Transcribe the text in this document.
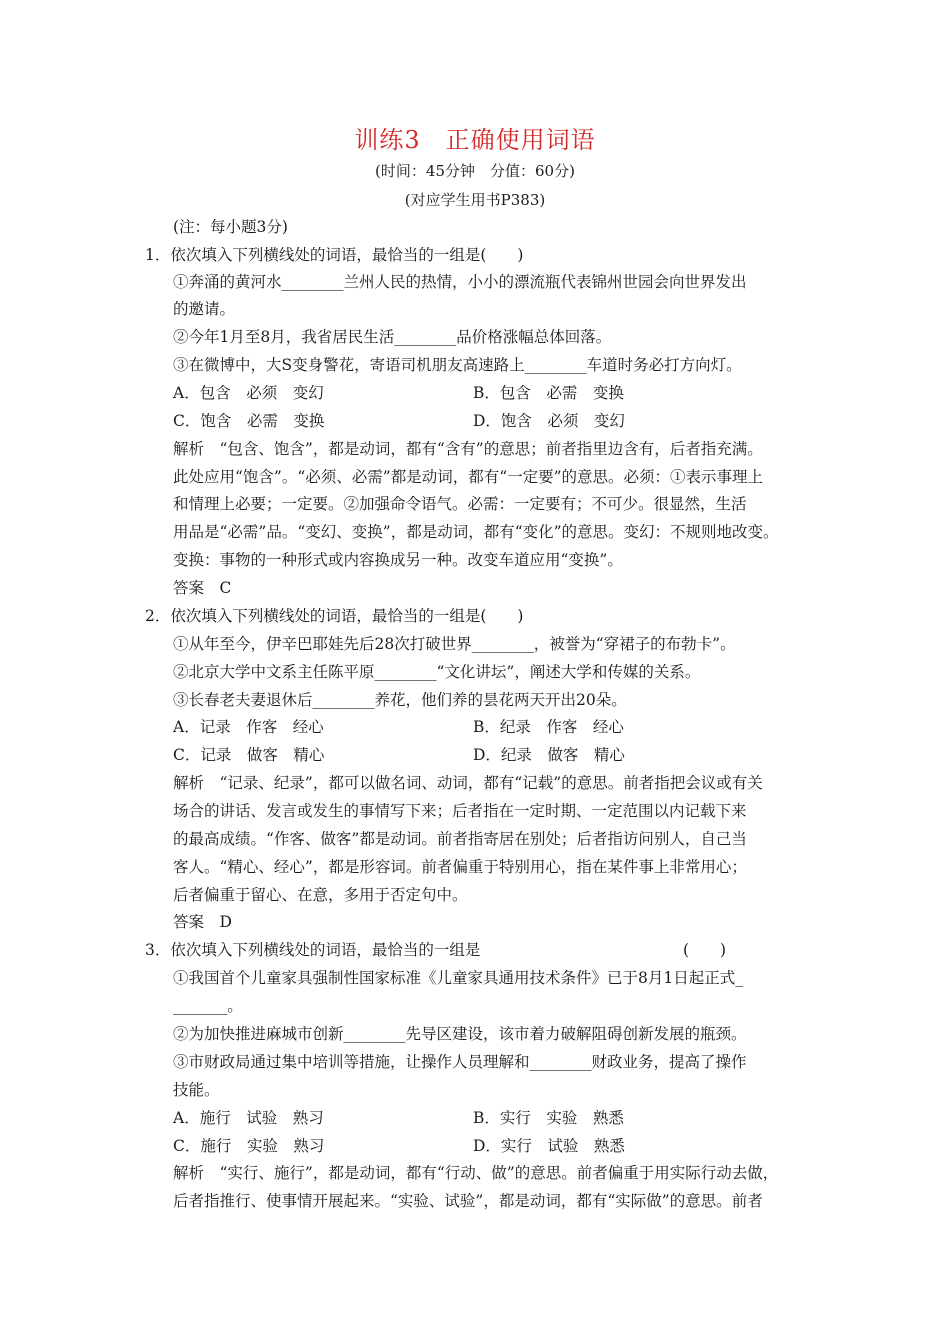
训练3　正确使用词语
(时间：45分钟　分值：60分)
(对应学生用书P383)
(注：每小题3分)
1．依次填入下列横线处的词语，最恰当的一组是(　　)
①奔涌的黄河水________兰州人民的热情，小小的漂流瓶代表锦州世园会向世界发出
的邀请。
②今年1月至8月，我省居民生活________品价格涨幅总体回落。
③在微博中，大S变身警花，寄语司机朋友高速路上________车道时务必打方向灯。
A．包含　必须　变幻	B．包含　必需　变换
C．饱含　必需　变换	D．饱含　必须　变幻
解析　“包含、饱含”，都是动词，都有“含有”的意思；前者指里边含有，后者指充满。
此处应用“饱含”。“必须、必需”都是动词，都有“一定要”的意思。必须：①表示事理上
和情理上必要；一定要。②加强命令语气。必需：一定要有；不可少。很显然，生活
用品是“必需”品。“变幻、变换”，都是动词，都有“变化”的意思。变幻：不规则地改变。
变换：事物的一种形式或内容换成另一种。改变车道应用“变换”。
答案　C
2．依次填入下列横线处的词语，最恰当的一组是(　　)
①从年至今，伊辛巴耶娃先后28次打破世界________，被誉为“穿裙子的布勃卡”。
②北京大学中文系主任陈平原________“文化讲坛”，阐述大学和传媒的关系。
③长春老夫妻退休后________养花，他们养的昙花两天开出20朵。
A．记录　作客　经心	B．纪录　作客　经心
C．记录　做客　精心	D．纪录　做客　精心
解析　“记录、纪录”，都可以做名词、动词，都有“记载”的意思。前者指把会议或有关
场合的讲话、发言或发生的事情写下来；后者指在一定时期、一定范围以内记载下来
的最高成绩。“作客、做客”都是动词。前者指寄居在别处；后者指访问别人，自己当
客人。“精心、经心”，都是形容词。前者偏重于特别用心，指在某件事上非常用心；
后者偏重于留心、在意，多用于否定句中。
答案　D
3．依次填入下列横线处的词语，最恰当的一组是	(　　)
①我国首个儿童家具强制性国家标准《儿童家具通用技术条件》已于8月1日起正式_
_______。
②为加快推进麻城市创新________先导区建设，该市着力破解阻碍创新发展的瓶颈。
③市财政局通过集中培训等措施，让操作人员理解和________财政业务，提高了操作
技能。
A．施行　试验　熟习	B．实行　实验　熟悉
C．施行　实验　熟习	D．实行　试验　熟悉
解析　“实行、施行”，都是动词，都有“行动、做”的意思。前者偏重于用实际行动去做，
后者指推行、使事情开展起来。“实验、试验”，都是动词，都有“实际做”的意思。前者
